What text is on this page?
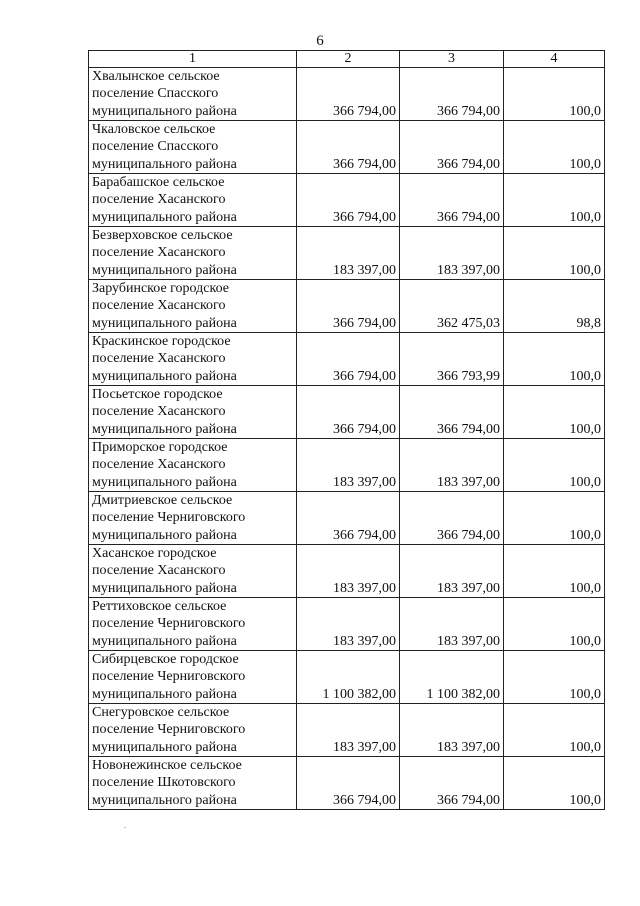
6
1	2	3	4
Хвалынское сельское
поселение Спасского
муниципального района	366 794,00	366 794,00	100,0
Чкаловское сельское
поселение Спасского
муниципального района	366 794,00	366 794,00	100,0
Барабашское сельское
поселение Хасанского
муниципального района	366 794,00	366 794,00	100,0
Безверховское сельское
поселение Хасанского
муниципального района	183 397,00	183 397,00	100,0
Зарубинское городское
поселение Хасанского
муниципального района	366 794,00	362 475,03	98,8
Краскинское городское
поселение Хасанского
муниципального района	366 794,00	366 793,99	100,0
Посьетское городское
поселение Хасанского
муниципального района	366 794,00	366 794,00	100,0
Приморское городское
поселение Хасанского
муниципального района	183 397,00	183 397,00	100,0
Дмитриевское сельское
поселение Черниговского
муниципального района	366 794,00	366 794,00	100,0
Хасанское городское
поселение Хасанского
муниципального района	183 397,00	183 397,00	100,0
Реттиховское сельское
поселение Черниговского
муниципального района	183 397,00	183 397,00	100,0
Сибирцевское городское
поселение Черниговского
муниципального района	1 100 382,00	1 100 382,00	100,0
Снегуровское сельское
поселение Черниговского
муниципального района	183 397,00	183 397,00	100,0
Новонежинское сельское
поселение Шкотовского
муниципального района	366 794,00	366 794,00	100,0
